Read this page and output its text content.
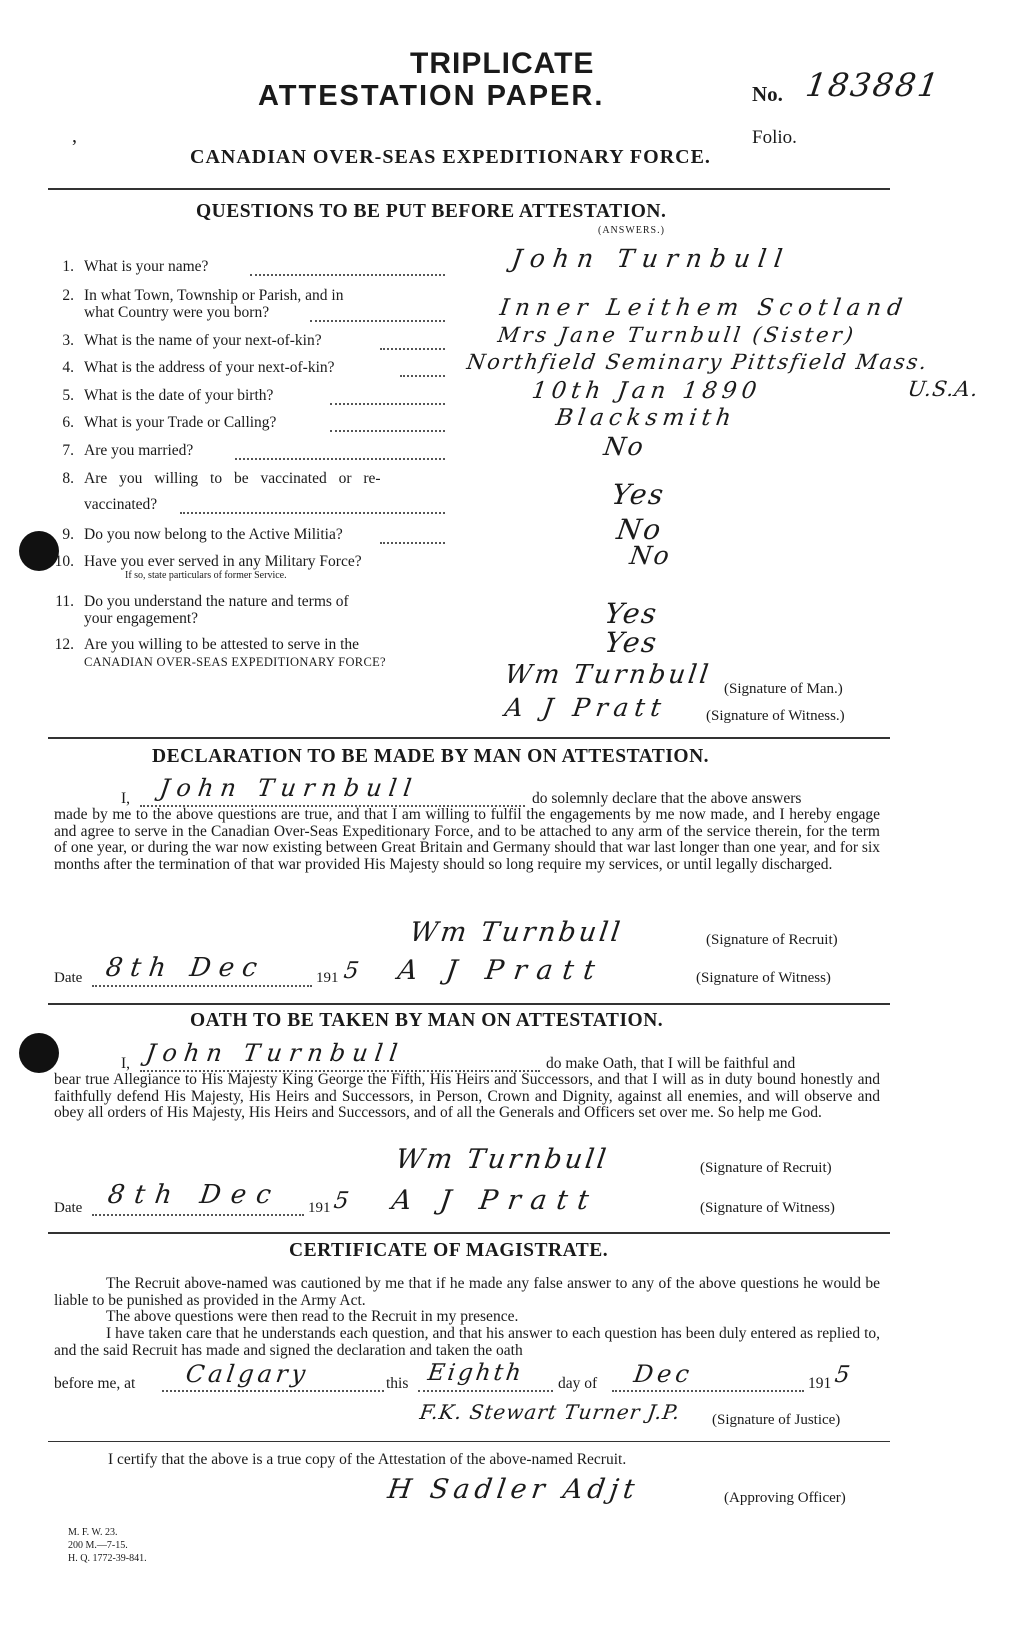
TRIPLICATE
ATTESTATION PAPER.	No. 183881
Folio.
,
CANADIAN OVER-SEAS EXPEDITIONARY FORCE.
QUESTIONS TO BE PUT BEFORE ATTESTATION.
(ANSWERS.)
1. What is your name?	John Turnbull
2. In what Town, Township or Parish, and in
what Country were you born?	Inner Leithem Scotland
3. What is the name of your next-of-kin?	Mrs Jane Turnbull (Sister)
4. What is the address of your next-of-kin?	Northfield Seminary Pittsfield Mass.
U.S.A.
5. What is the date of your birth?	10th Jan 1890
6. What is your Trade or Calling?	Blacksmith
7. Are you married?	No
8. Are you willing to be vaccinated or re-
vaccinated?	Yes
9. Do you now belong to the Active Militia?	No
10. Have you ever served in any Military Force?
If so, state particulars of former Service.
No
11. Do you understand the nature and terms of
your engagement?	Yes
12. Are you willing to be attested to serve in the
CANADIAN OVER-SEAS EXPEDITIONARY FORCE?
Yes
Wm Turnbull (Signature of Man.)
A J Pratt (Signature of Witness.)
DECLARATION TO BE MADE BY MAN ON ATTESTATION.
I, John Turnbull	do solemnly declare that the above answers
made by me to the above questions are true, and that I am willing to fulfil the engagements by me now made, and I hereby engage and agree to serve in the Canadian Over-Seas Expeditionary Force, and to be attached to any arm of the service therein, for the term of one year, or during the war now existing between Great Britain and Germany should that war last longer than one year, and for six months after the termination of that war provided His Majesty should so long require my services, or until legally discharged.
Wm Turnbull	(Signature of Recruit)
Date 8th Dec	191 5 A J Pratt	(Signature of Witness)
OATH TO BE TAKEN BY MAN ON ATTESTATION.
I, John Turnbull	do make Oath, that I will be faithful and
bear true Allegiance to His Majesty King George the Fifth, His Heirs and Successors, and that I will as in duty bound honestly and faithfully defend His Majesty, His Heirs and Successors, in Person, Crown and Dignity, against all enemies, and will observe and obey all orders of His Majesty, His Heirs and Successors, and of all the Generals and Officers set over me. So help me God.
Wm Turnbull	(Signature of Recruit)
Date 8th Dec 191 5 A J Pratt	(Signature of Witness)
CERTIFICATE OF MAGISTRATE.
The Recruit above-named was cautioned by me that if he made any false answer to any of the above questions he would be liable to be punished as provided in the Army Act.
The above questions were then read to the Recruit in my presence.
I have taken care that he understands each question, and that his answer to each question has been duly entered as replied to, and the said Recruit has made and signed the declaration and taken the oath
before me, at Calgary	this Eighth day of Dec	191 5
F.K. Stewart Turner J.P. (Signature of Justice)
I certify that the above is a true copy of the Attestation of the above-named Recruit.
H Sadler Adjt	(Approving Officer)
M. F. W. 23.
200 M.—7-15.
H. Q. 1772-39-841.
